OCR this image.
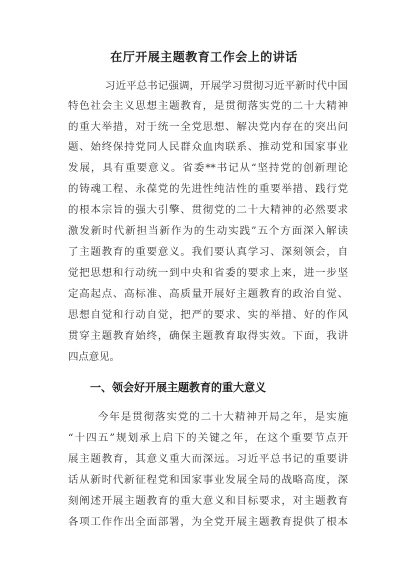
在厅开展主题教育工作会上的讲话
习近平总书记强调，开展学习贯彻习近平新时代中国
特色社会主义思想主题教育，是贯彻落实党的二十大精神
的重大举措，对于统一全党思想、解决党内存在的突出问
题、始终保持党同人民群众血肉联系、推动党和国家事业
发展，具有重要意义。省委**书记从“坚持党的创新理论
的铸魂工程、永葆党的先进性纯洁性的重要举措、践行党
的根本宗旨的强大引擎、贯彻党的二十大精神的必然要求
激发新时代新担当新作为的生动实践”五个方面深入解读
了主题教育的重要意义。我们要认真学习、深刻领会，自
觉把思想和行动统一到中央和省委的要求上来，进一步坚
定高起点、高标准、高质量开展好主题教育的政治自觉、
思想自觉和行动自觉，把严的要求、实的举措、好的作风
贯穿主题教育始终，确保主题教育取得实效。下面，我讲
四点意见。
一、领会好开展主题教育的重大意义
今年是贯彻落实党的二十大精神开局之年，是实施
“十四五”规划承上启下的关键之年，在这个重要节点开
展主题教育，其意义重大而深远。习近平总书记的重要讲
话从新时代新征程党和国家事业发展全局的战略高度，深
刻阐述开展主题教育的重大意义和目标要求，对主题教育
各项工作作出全面部署，为全党开展主题教育提供了根本
